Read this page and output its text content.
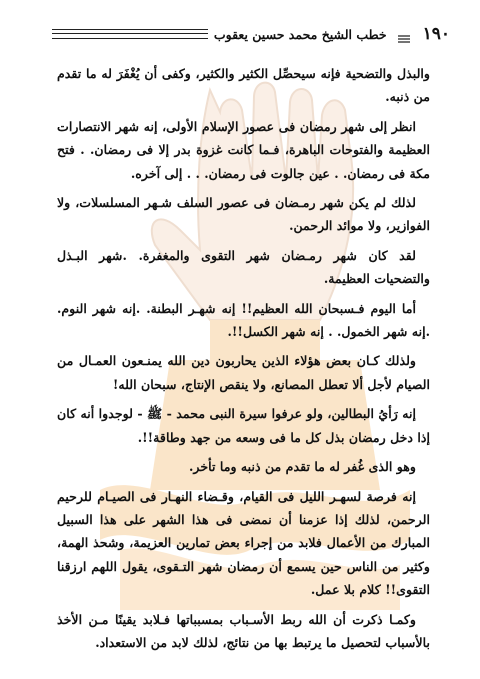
١٩٠
خطب الشيخ محمد حسين يعقوب

والبذل والتضحية فإنه سيحصِّل الكثير والكثير، وكفى أن يُغْفَرَ له ما تقدم من ذنبه.

انظر إلى شهر رمضان فى عصور الإسلام الأولى، إنه شهر الانتصارات العظيمة والفتوحات الباهرة، فـما كانت غزوة بدر إلا فى رمضان. . فتح مكة فى رمضان. . عين جالوت فى رمضان. . . إلى آخره.

لذلك لم يكن شهر رمـضان فى عصور السلف شـهر المسلسلات، ولا الفوازير، ولا موائد الرحمن.

لقد كان شهر رمـضان شهر التقوى والمغفرة. .شهر البـذل والتضحيات العظيمة.

أما اليوم فـسبحان الله العظيم!! إنه شهـر البطنة. .إنه شهر النوم. .إنه شهر الخمول. . إنه شهر الكسل!!.

ولذلك كـان بعض هؤلاء الذين يحاربون دين الله يمنـعون العمـال من الصيام لأجل ألا تعطل المصانع، ولا ينقص الإنتاج، سبحان الله!

إنه رَأيُ البطالين، ولو عرفوا سيرة النبى محمد - ﷺ - لوجدوا أنه كان إذا دخل رمضان بذل كل ما فى وسعه من جهد وطاقة!!.

وهو الذى غُفر له ما تقدم من ذنبه وما تأخر.

إنه فرصة لسهـر الليل فى القيام، وقـضاء النهـار فى الصيـام للرحيم الرحمن، لذلك إذا عزمنا أن نمضى فى هذا الشهر على هذا السبيل المبارك من الأعمال فلابد من إجراء بعض تمارين العزيمة، وشحذ الهمة، وكثير من الناس حين يسمع أن رمضان شهر التـقوى، يقول اللهم ارزقنا التقوى!! كلام بلا عمل.

وكمـا ذكرت أن الله ربط الأسـباب بمسبباتها فـلابد يقينًا مـن الأخذ بالأسباب لتحصيل ما يرتبط بها من نتائج، لذلك لابد من الاستعداد.
